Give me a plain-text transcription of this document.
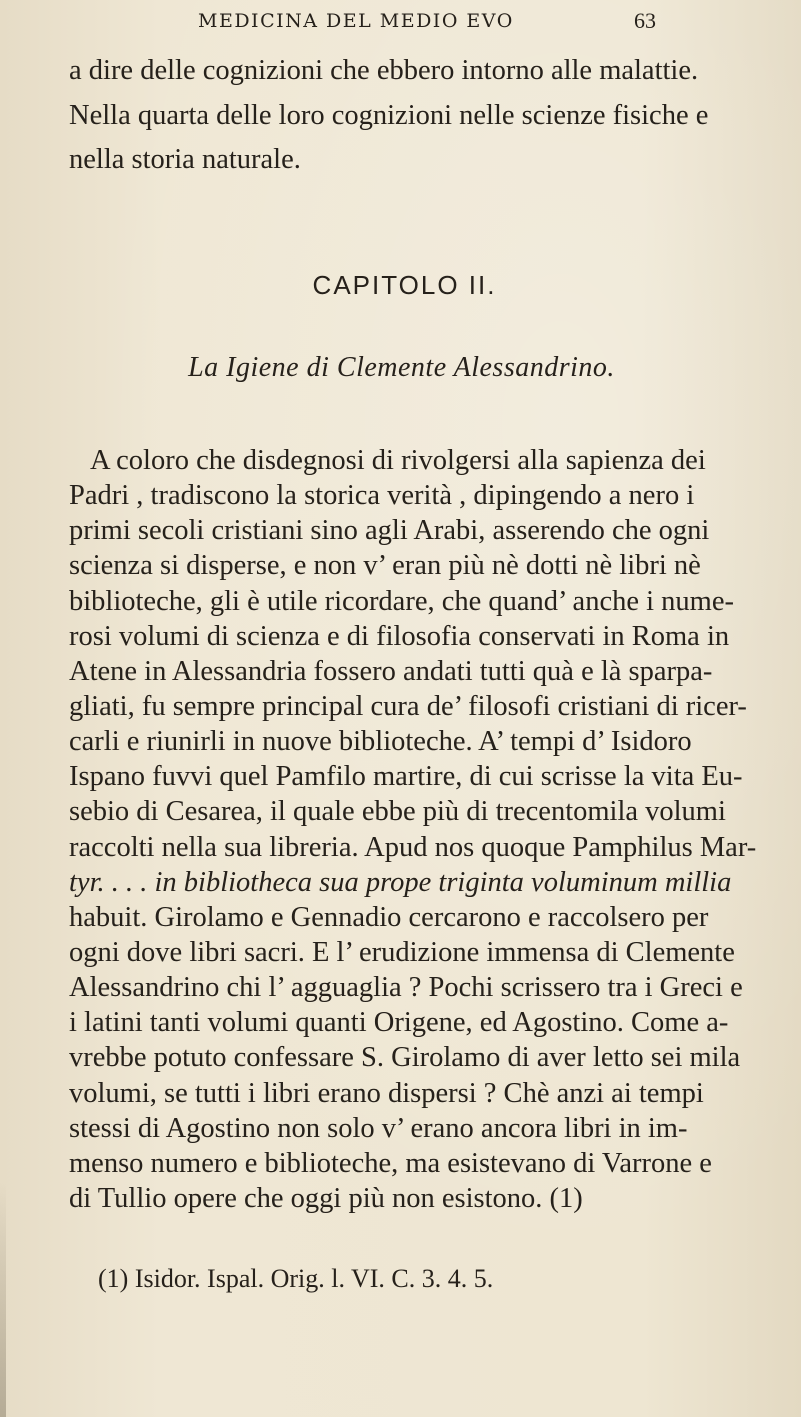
MEDICINA DEL MEDIO EVO	63
a dire delle cognizioni che ebbero intorno alle malattie.
Nella quarta delle loro cognizioni nelle scienze fisiche e
nella storia naturale.
CAPITOLO II.
La Igiene di Clemente Alessandrino.
A coloro che disdegnosi di rivolgersi alla sapienza dei
Padri , tradiscono la storica verità , dipingendo a nero i
primi secoli cristiani sino agli Arabi, asserendo che ogni
scienza si disperse, e non v’ eran più nè dotti nè libri nè
biblioteche, gli è utile ricordare, che quand’ anche i nume-
rosi volumi di scienza e di filosofia conservati in Roma in
Atene in Alessandria fossero andati tutti quà e là sparpa-
gliati, fu sempre principal cura de’ filosofi cristiani di ricer-
carli e riunirli in nuove biblioteche. A’ tempi d’ Isidoro
Ispano fuvvi quel Pamfilo martire, di cui scrisse la vita Eu-
sebio di Cesarea, il quale ebbe più di trecentomila volumi
raccolti nella sua libreria. Apud nos quoque Pamphilus Mar-
tyr. . . . in bibliotheca sua prope triginta voluminum millia
habuit. Girolamo e Gennadio cercarono e raccolsero per
ogni dove libri sacri. E l’ erudizione immensa di Clemente
Alessandrino chi l’ agguaglia ? Pochi scrissero tra i Greci e
i latini tanti volumi quanti Origene, ed Agostino. Come a-
vrebbe potuto confessare S. Girolamo di aver letto sei mila
volumi, se tutti i libri erano dispersi ? Chè anzi ai tempi
stessi di Agostino non solo v’ erano ancora libri in im-
menso numero e biblioteche, ma esistevano di Varrone e
di Tullio opere che oggi più non esistono. (1)
(1) Isidor. Ispal. Orig. l. VI. C. 3. 4. 5.
